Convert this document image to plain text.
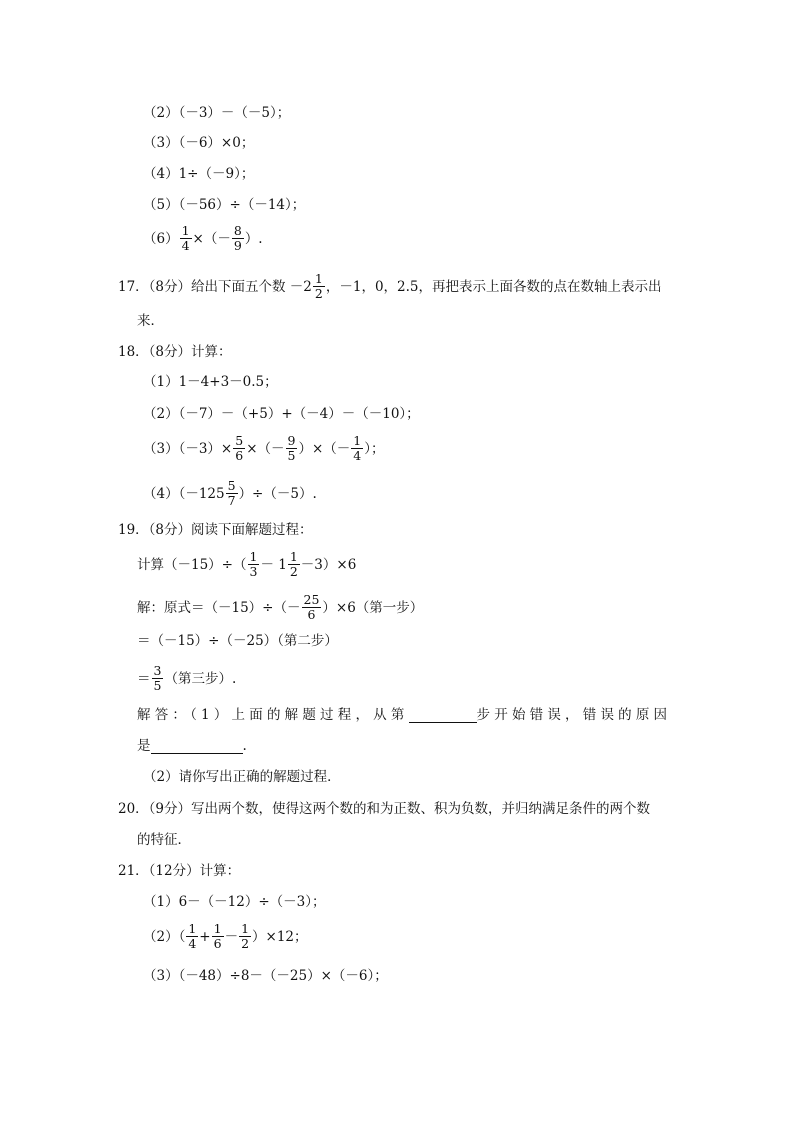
（2）（－3）－（－5）；
（3）（－6）×0；
（4）1÷（－9）；
（5）（－56）÷（－14）；
$(6) \frac{1}{4}$ ×（－ $\frac{8}{9}$ ）.
17．（8分）给出下面五个数 $-2 \frac{1}{2}$ ，－1，0，2.5，再把表示上面各数的点在数轴上表示出
来．
18．（8分）计算：
（1）1－4+3－0.5；
（2）（－7）－（+5）+（－4）－（－10）；
$(3)(-3)\times \frac{5}{6}$ ×（－ $\frac{9}{5}$ ）×（－ $\frac{1}{4}$ ）；
$(4)(-125 \frac{5}{7} )\div(-5)$.
19．（8分）阅读下面解题过程：
计算$(-15)\div( \frac{1}{3} - 1 \frac{1}{2} -3)\times 6$
解：原式$=(-15)\div(- \frac{25}{6} )\times 6$（第一步）
＝（－15）÷（－25）（第二步）
＝ $\frac{3}{5}$ （第三步）.
解答：（1）上面的解题过程，从第	步开始错误，错误的原因
是	.
（2）请你写出正确的解题过程．
20．（9分）写出两个数，使得这两个数的和为正数、积为负数，并归纳满足条件的两个数
的特征．
21．（12分）计算：
（1）6－（－12）÷（－3）；
$(2)( \frac{1}{4} + \frac{1}{6} - \frac{1}{2} )\times 12$；
（3）（－48）÷8－（－25）×（－6）；
